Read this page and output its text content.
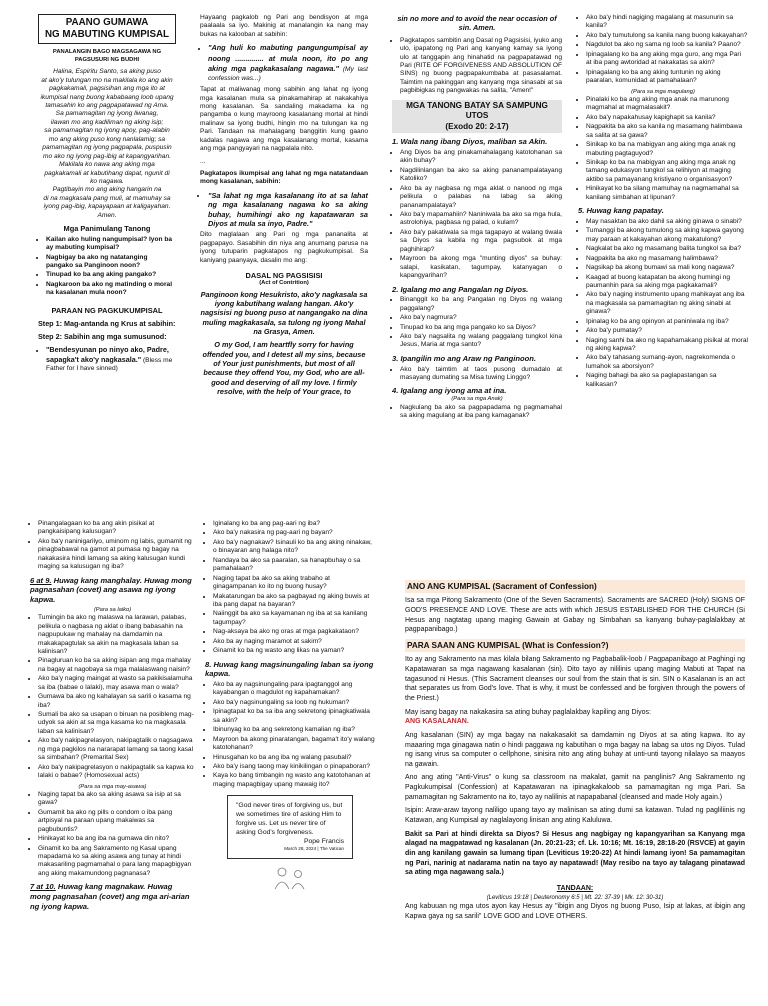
PAANO GUMAWA
NG MABUTING KUMPISAL
PANALANGIN BAGO MAGSAGAWA NG PAGSUSURI NG BUDHI
Halina, Espiritu Santo, sa aking puso
at ako'y tulungan mo na makilala ko ang akin
pagkakamali, pagsisihan ang mga ito at
ikumpisal nang buong kababaang loob upang
tamasahin ko ang pagpapatawad ng Ama.
Sa pamamagitan ng iyong liwanag,
ilawan mo ang kadiliman ng aking isip;
sa pamamagitan ng iyong apoy, pag-alabin
mo ang aking puso kong nanlalamig; sa
pamamagitan ng iyong pagpapala, puspusin
mo ako ng iyong pag-ibig at kapangyarihan.
Makilala ko nawa ang aking mga
pagkakamali at kabutihang dapat, ngunit di
ko nagawa.
Pagtibayin mo ang aking hangarin na
di na magkasala pang muli, at mamuhay sa
iyong pag-ibig, kapayapaan at kaligayahan.
Amen.
Mga Panimulang Tanong
• Kailan ako huling nangumpisal? Iyon ba ay mabuting kumpisal?
• Nagbigay ba ako ng natatanging pangako sa Panginoon noon?
• Tinupad ko ba ang aking pangako?
• Nagkaroon ba ako ng matinding o moral na kasalanan mula noon?
PARAAN NG PAGKUKUMPISAL
Step 1: Mag-antanda ng Krus at sabihin:
Step 2: Sabihin ang mga sumusunod:
• "Bendesyunan po ninyo ako, Padre, sapagka't ako'y nagkasala." (Bless me Father for I have sinned)

Hayaang pagkalob ng Pari ang bendisyon at mga paalaala sa iyo. Makinig at manalangin ka nang may bukas na kalooban at sabihin:

• "Ang huli ko mabuting pangungumpisal ay noong .............. at mula noon, ito po ang aking mga pagkakasalang nagawa." (My last confession was...)

Tapat at maliwanag mong sabihin ang lahat ng iyong mga kasalanan mula sa pinakamahirap at nakakahiya mong kasalanan. Sa sandaling makadama ka ng pangamba o kung mayroong kasalanang mortal at hindi malinaw sa iyong budhi, hingin mo na tulungan ka ng Pari. Tandaan na mahalagang banggitin kung gaano kadalas nagawa ang mga kasalanang mortal, kasama ang mga pangyayari na nagpalala nito.

...

Pagkatapos ikumpisal ang lahat ng mga natatandaan mong kasalanan, sabihin:

• "Sa lahat ng mga kasalanang ito at sa lahat ng mga kasalanang nagawa ko sa aking buhay, humihingi ako ng kapatawaran sa Diyos at mula sa inyo, Padre."

Dito maglalaan ang Pari ng mga pananalita at pagpapayo. Sasabihin din niya ang anumang parusa na iyong tutuparin pagkatapos ng pagkukumpisal. Sa kaniyang paanyaya, dasalin mo ang:

DASAL NG PAGSISISI
(Act of Contrition)

Panginoon kong Hesukristo, ako'y nagkasala sa iyong kabutihang walang hangan. Ako'y nagsisisi ng buong puso at nangangako na dina muling magkakasala, sa tulong ng iyong Mahal na Grasya, Amen.

O my God, I am heartfly sorry for having offended you, and I detest all my sins, because of Your just punishments, but most of all because they offend You, my God, who are all-good and deserving of all my love. I firmly resolve, with the help of Your grace, to

sin no more and to avoid the near occasion of sin. Amen.

• Pagkatapos sambitin ang Dasal ng Pagsisisi, iyuko ang ulo, ipapatong ng Pari ang kanyang kamay sa iyong ulo at tanggapin ang hinahatid na pagpapatawad ng Pari (RITE OF FORGIVENESS AND ABSOLUTION OF SINS) ng buong pagpapakumbaba at pasasalamat. Taimtim na pakinggan ang kanyang mga sinasabi at sa pagbibigkas ng pangwakas na salita, "Amen!"
MGA TANONG BATAY SA SAMPUNG UTOS
(Exodo 20: 2-17)
1. Wala nang ibang Diyos, maliban sa Akin.
• Ang Diyos ba ang pinakamahalagang katotohanan sa akin buhay?
• Nagdilinlangan ba ako sa aking pananampalatayang Katoliko?
• Ako ba ay nagbasa ng mga aklat o nanood ng mga pelikula o palabas na labag sa aking pananampalataya?
• Ako ba'y mapamahiin? Naniniwala ba ako sa mga hula, astrolohiya, pagbasa ng palad, o kulam?
• Ako ba'y pakatiwala sa mga tagapayo at walang tiwala sa Diyos sa kabila ng mga pagsubok at mga paghihirap?
• Mayroon ba akong mga "munting diyos" sa buhay: salapi, kasikatan, tagumpay, katanyagan o kapangyarihan?
2. Igalang mo ang Pangalan ng Diyos.
• Binanggit ko ba ang Pangalan ng Diyos ng walang paggalang?
• Ako ba'y nagmura?
• Tinupad ko ba ang mga pangako ko sa Diyos?
• Ako ba'y nagsalita ng walang paggalang tungkol kina Jesus, Maria at mga santo?
3. Ipangilin mo ang Araw ng Panginoon.
• Ako ba'y taimtim at taos pusong dumadalo at masayang dumating sa Misa tuwing Linggo?
4. Igalang ang iyong ama at ina.
(Para sa mga Anak)
• Nagkulang ba ako sa pagpapadama ng pagmamahal sa aking magulang at iba pang kamaganak?
• Ako ba'y hindi nagiging magalang at masunurin sa kanila?
• Ako ba'y tumutulong sa kanila nang buong kakayahan?
• Nagdulot ba ako ng sama ng loob sa kanila? Paano?
• Ipinagalang ko ba ang aking mga guro, ang mga Pari at iba pang awtoridad at nakakatas sa akin?
• Ipinagalang ko ba ang aking tuntunin ng aking paaralan, komunidad at pamahalaan?
(Para sa mga magulang)
• Pinalaki ko ba ang aking mga anak na marunong magmahal at magmalasakit?
• Ako ba'y napakahusay kapighapit sa kanila?
• Nagpakita ba ako sa kanila ng masamang halimbawa sa salita at sa gawa?
• Sinikap ko ba na mabigyan ang aking mga anak ng mabuting pagtaguyod?
• Sinikap ko ba na mabigyan ang aking mga anak ng tamang edukasyon tungkol sa relihiyon at maging aktibo sa pamayanang kristiyano o organisasyon?
• Hinikayat ko ba silang mamuhay na nagmamahal sa kanilang simbahan at lipunan?
5. Huwag kang papatay.
• May nasaktan ba ako dahil sa aking ginawa o sinabi?
• Tumanggi ba akong tumulong sa aking kapwa gayong may paraan at kakayahan akong makatulong?
• Nagkalat ba ako ng masamang balita tungkol sa iba?
• Nagpakita ba ako ng masamang halimbawa?
• Nagsikap ba akong bumawi sa mali kong nagawa?
• Kaagad at buong katapatan ba akong humingi ng paumanhin para sa aking mga pagkakamali?
• Ako ba'y naging instrumento upang mahikayat ang iba na magkasala sa pamamagitan ng aking sinabi at ginawa?
• Ipinalag ko ba ang opinyon at paniniwala ng iba?
• Ako ba'y pumatay?
• Naging sanhi ba ako ng kapahamakang pisikal at moral ng aking kapwa?
• Ako ba'y tahasang sumang-ayon, nagrekomenda o lumahok sa aborsiyon?
• Naging bahagi ba ako sa paglapastangan sa kalikasan?
• Pinangalagaan ko ba ang akin pisikal at pangkaisipang kalusugan?
• Ako ba'y naninigarilyo, uminom ng labis, gumamit ng pinagbabawal na gamot at pumasa ng bagay na nakakasira hindi lamang sa aking kalusugan kundi maging sa kalusugan ng iba?
6 at 9. Huwag kang manghalay. Huwag mong pagnasahan (covet) ang asawa ng iyong kapwa.
(Para sa laiko)
• Tumingin ba ako ng malaswa na larawan, palabas, pelikula o nagbasa ng aklat o ibang babasahin na nagpupukaw ng mahalay na damdamin na makakapagtulak sa akin na magkasala laban sa kalinisan?
• Pinagluruan ko ba sa aking isipan ang mga mahalay na bagay at nagobaya sa mga malalaswang naisin?
• Ako ba'y naging maingat at wasto sa pakikisalamuha sa iba (babae o lalaki), may asawa man o wala?
• Gumawa ba ako ng kahalayan sa sarili o kasama ng iba?
• Sumali ba ako sa usapan o biruan na posibleng mag-udyok sa akin at sa mga kasama ko na magkasala laban sa kalinisan?
• Ako ba'y nakipagrelasyon, nakipagtalik o nagsagawa ng mga pagkilos na nararapat lamang sa taong kasal sa simbahan? (Premarital Sex)
• Ako ba'y nakipagrelasyon o nakipagtalik sa kapwa ko lalaki o babae? (Homosexual acts)
(Para sa mga may-asawa)
• Naging tapat ba ako sa aking asawa sa isip at sa gawa?
• Gumamit ba ako ng pills o condom o iba pang artpisyal na paraan upang makaiwas sa pagbubuntis?
• Hinikayat ko ba ang iba na gumawa din nito?
• Ginamit ko ba ang Sakramento ng Kasal upang mapadama ko sa aking asawa ang tunay at hindi makasariling pagmamahal o para lang mapagbigyan ang aking makamundong pagnanasa?
7 at 10. Huwag kang magnakaw. Huwag mong pagnasahan (covet) ang mga ari-arian ng iyong kapwa.
• Iginalang ko ba ang pag-aari ng iba?
• Ako ba'y nakasira ng pag-aari ng bayan?
• Ako ba'y nagnakaw? Isinauli ko ba ang aking ninakaw, o binayaran ang halaga nito?
• Nandaya ba ako sa paaralan, sa hanapbuhay o sa pamahalaan?
• Naging tapat ba ako sa aking trabaho at ginagampanan ko ito ng buong husay?
• Makatarungan ba ako sa pagbayad ng aking buwis at iba pang dapat na bayaran?
• Naiinggit ba ako sa kayamanan ng iba at sa kanilang tagumpay?
• Nag-aksaya ba ako ng oras at mga pagkakataon?
• Ako ba ay naging maramot at sakim?
• Ginamit ko ba ng wasto ang likas na yaman?
8. Huwag kang magsinungaling laban sa iyong kapwa.
• Ako ba ay nagsinungaling para ipagtanggol ang kayabangan o magdulot ng kapahamakan?
• Ako ba'y nagsinungaling sa loob ng hukuman?
• Ipinagtapat ko ba sa iba ang sekretong ipinagkatiwala sa akin?
• Ibinunyag ko ba ang sekretong kamalian ng iba?
• Mayroon ba akong pinaratangan, bagama't ito'y walang katotohanan?
• Hinusgahan ko ba ang iba ng walang pasubali?
• Ako ba'y isang taong may kinikilingan o pinapaboran?
• Kaya ko bang timbangin ng wasto ang katotohanan at maging mapagbigay upang mawaig ito?
"God never tires of forgiving us, but we sometimes tire of asking Him to forgive us. Let us never tire of asking God's forgiveness.
Pope Francis
March 28, 2024 | The Vatican
ANO ANG KUMPISAL (Sacrament of Confession)

Isa sa mga Pitong Sakramento (One of the Seven Sacraments). Sacraments are SACRED (Holy) SIGNS OF GOD'S PRESENCE AND LOVE. These are acts with which JESUS ESTABLISHED FOR THE CHURCH (Si Hesus ang nagtatag upang maging Gawain at Gabay ng Simbahan sa kanyang buhay-paglalakbay at pagpapanibago.)

PARA SAAN ANG KUMPISAL (What is Confession?)

Ito ay ang Sakramento na mas kilala bilang Sakramento ng Pagbabalik-loob / Pagpapanibago at Paghingi ng Kapatawaran sa mga nagawang kasalanan (sin). Dito tayo ay nililinis upang maging Mabuti at Tapat na tagasunod ni Hesus. (This Sacrament cleanses our soul from the stain that is sin. SIN o Kasalanan is an act that separates us from God's love. That is why, it must be confessed and be forgiven through the powers of the Priest.)

May isang bagay na nakakasira sa ating buhay paglalakbay kapiling ang Diyos:
ANG KASALANAN.

Ang kasalanan (SIN) ay mga bagay na nakakasakit sa damdamin ng Diyos at sa ating kapwa. Ito ay maaaring mga ginagawa natin o hindi paggawa ng kabutihan o mga bagay na labag sa utos ng Diyos. Tulad ng isang virus sa computer o cellphone, sinisira nito ang ating buhay at unti-unti tayong nilalayo sa maayos na gawain.

Ano ang ating "Anti-Virus" o kung sa classroom na makalat, gamit na panglinis? Ang Sakramento ng Pagkukumpisal (Confession) at Kapatawaran na ipinagkakaloob sa pamamagitan ng mga Pari. Sa pamamagitan ng Sakramento na ito, tayo ay nalilinis at napapabanal (cleansed and made Holy again.)

Isipin: Araw-araw tayong naliligo upang tayo ay malinisan sa ating dumi sa katawan. Tulad ng pagliliinis ng Katawan, ang Kumpisal ay naglalayong linisan ang ating Kaluluwa.

Bakit sa Pari at hindi direkta sa Diyos? Si Hesus ang nagbigay ng kapangyarihan sa Kanyang mga alagad na magpatawad ng kasalanan (Jn. 20:21-23; cf. Lk. 10:16; Mt. 16:19, 28:18-20 (RSVCE) at gayin din ang kanilang gawain sa lumang tipan (Leviticus 19:20-22) At hindi lamang iyon! Sa pamamagitan ng Pari, narinig at nadarama natin na tayo ay napatawad! (May resibo na tayo ay talagang pinatawad sa ating mga nagawang sala.)

TANDAAN:
(Leviticus 19:18 | Deuteronomy 6:5 | Mt. 22: 37-39 | Mk. 12: 30-31)

Ang kabuuan ng mga utos ayon kay Hesus ay "ibigin ang Diyos ng buong Puso, Isip at lakas, at ibigin ang Kapwa gaya ng sa sarili" LOVE GOD and LOVE OTHERS.
